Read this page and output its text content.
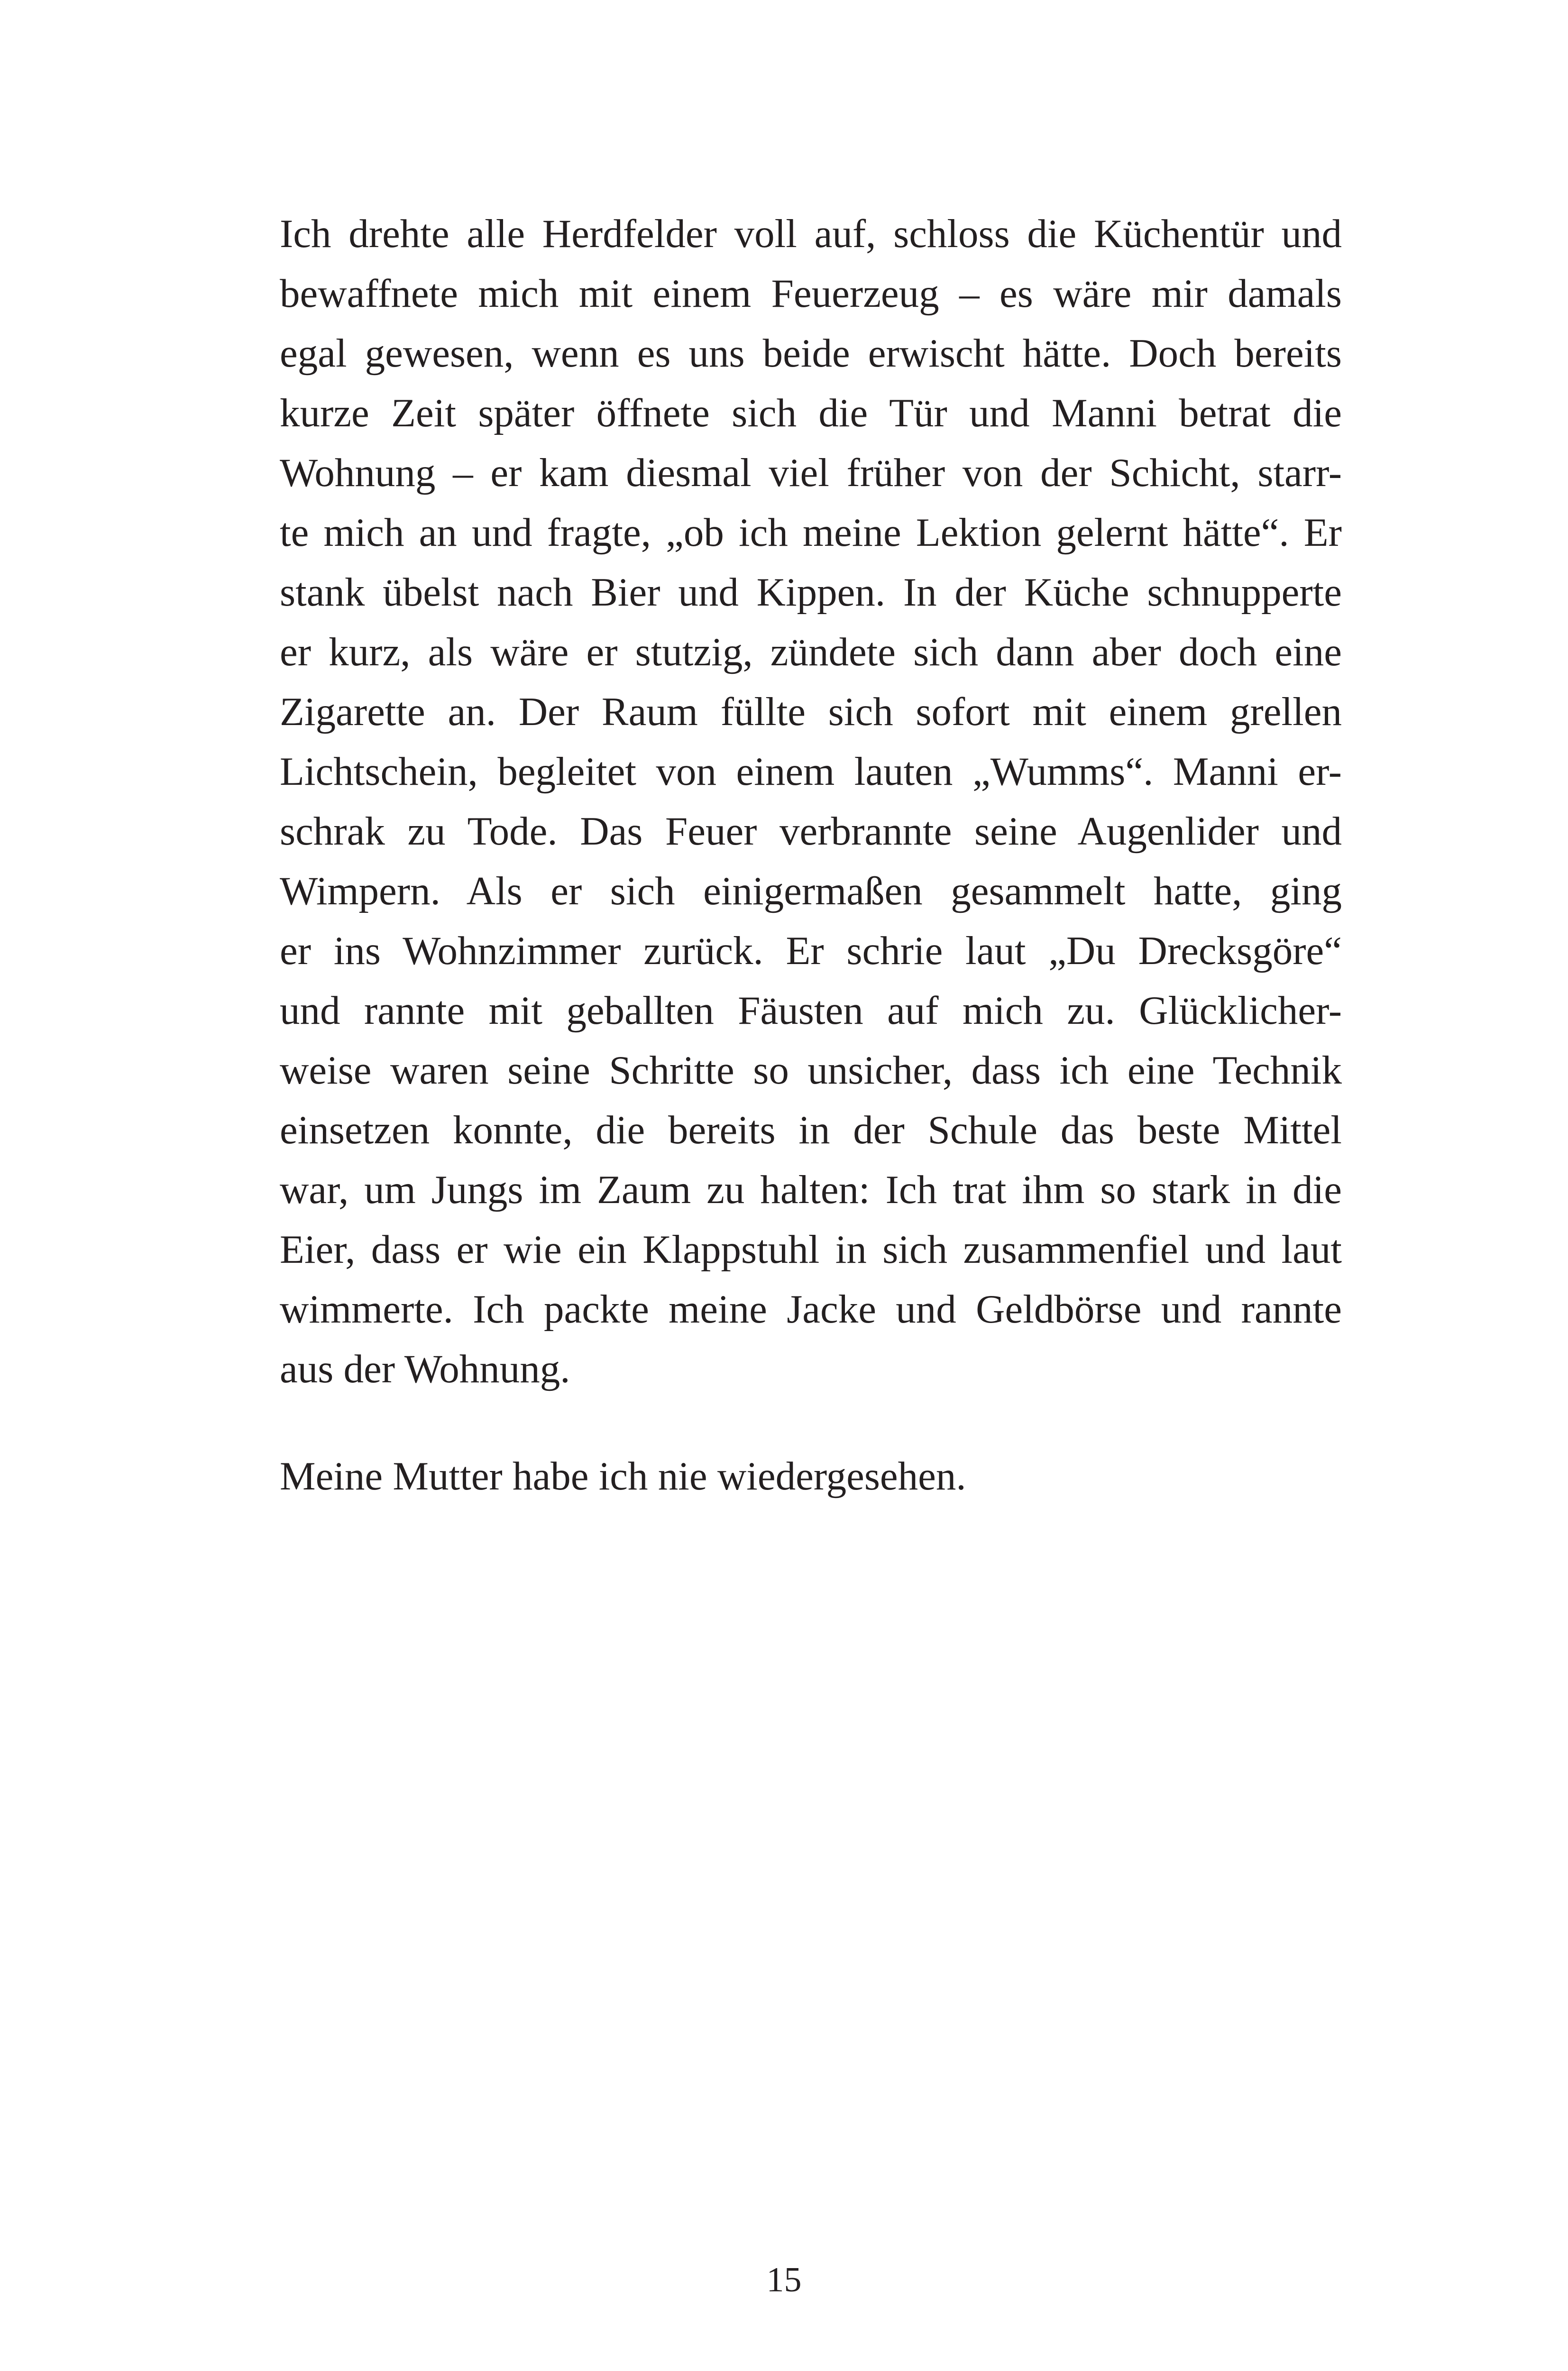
Ich drehte alle Herdfelder voll auf, schloss die Küchentür und
bewaffnete mich mit einem Feuerzeug – es wäre mir damals
egal gewesen, wenn es uns beide erwischt hätte. Doch bereits
kurze Zeit später öffnete sich die Tür und Manni betrat die
Wohnung – er kam diesmal viel früher von der Schicht, starr-
te mich an und fragte, „ob ich meine Lektion gelernt hätte“. Er
stank übelst nach Bier und Kippen. In der Küche schnupperte
er kurz, als wäre er stutzig, zündete sich dann aber doch eine
Zigarette an. Der Raum füllte sich sofort mit einem grellen
Lichtschein, begleitet von einem lauten „Wumms“. Manni er-
schrak zu Tode. Das Feuer verbrannte seine Augenlider und
Wimpern. Als er sich einigermaßen gesammelt hatte, ging
er ins Wohnzimmer zurück. Er schrie laut „Du Drecksgöre“
und rannte mit geballten Fäusten auf mich zu. Glücklicher-
weise waren seine Schritte so unsicher, dass ich eine Technik
einsetzen konnte, die bereits in der Schule das beste Mittel
war, um Jungs im Zaum zu halten: Ich trat ihm so stark in die
Eier, dass er wie ein Klappstuhl in sich zusammenfiel und laut
wimmerte. Ich packte meine Jacke und Geldbörse und rannte
aus der Wohnung.
Meine Mutter habe ich nie wiedergesehen.
15
